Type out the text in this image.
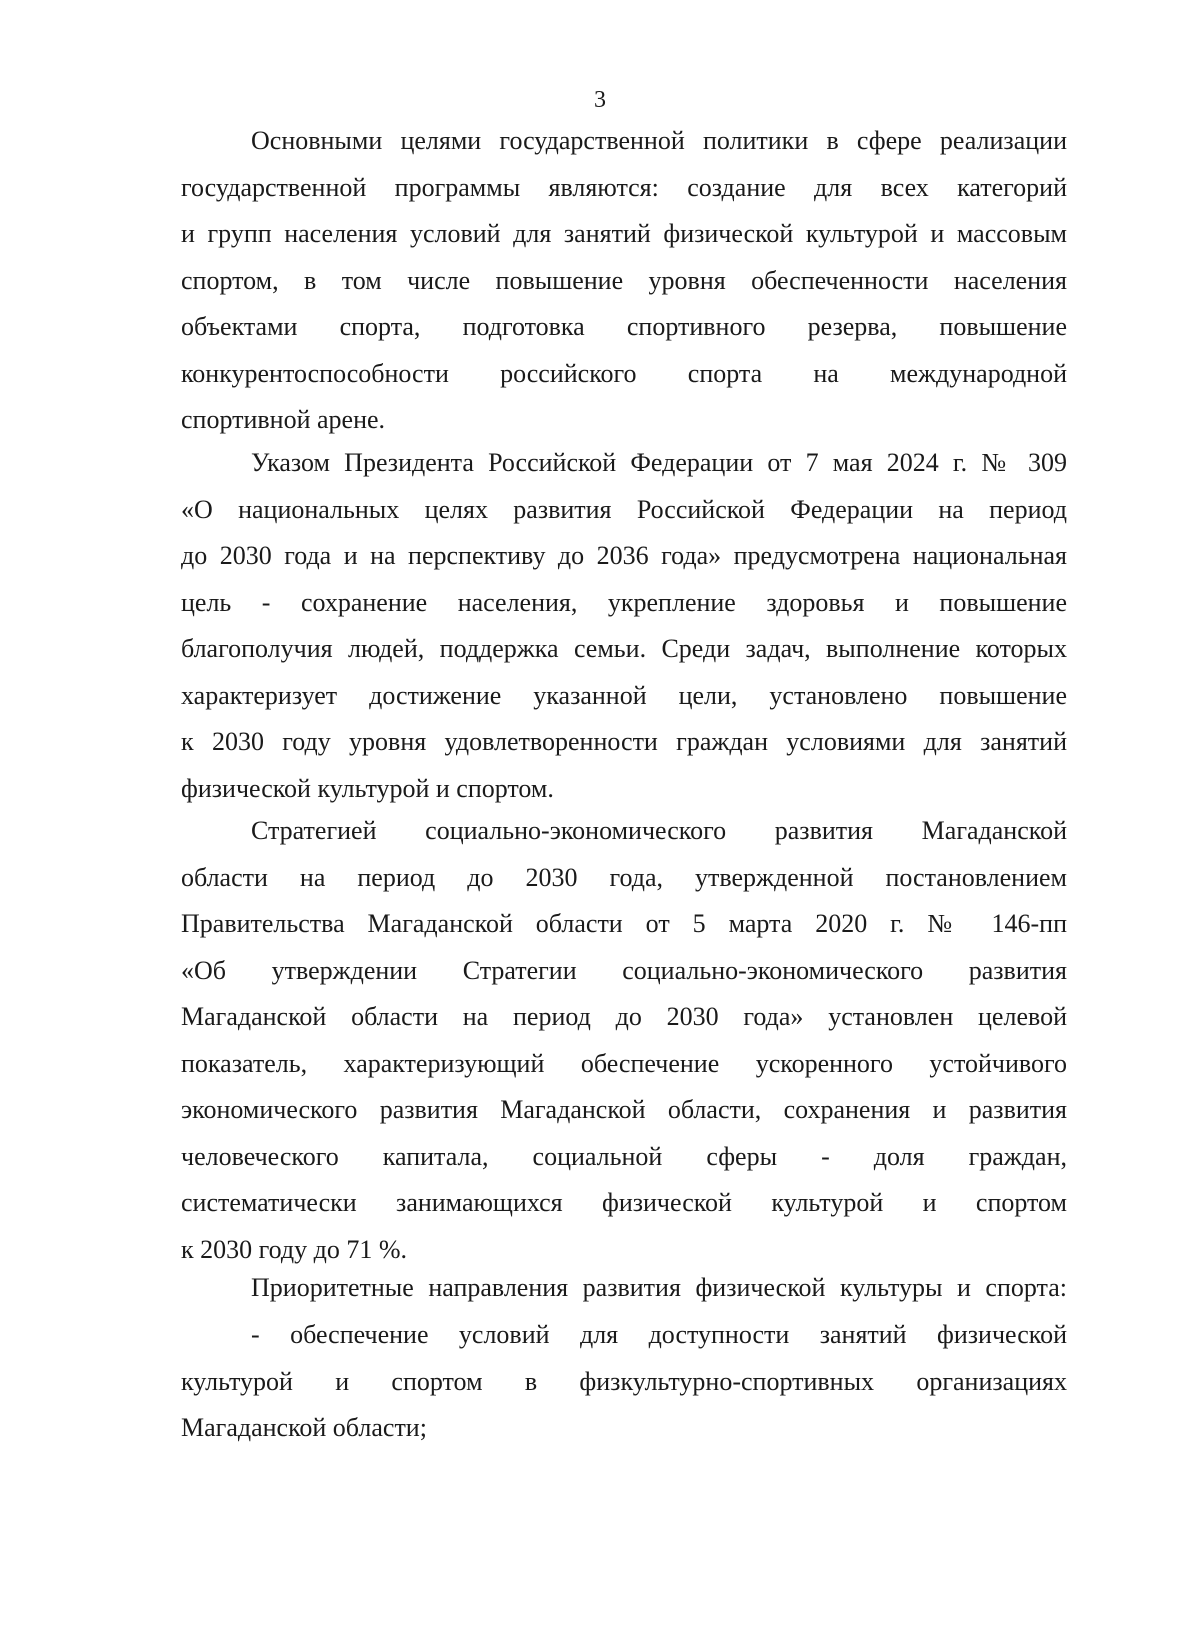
3
Основными целями государственной политики в сфере реализации
государственной программы являются: создание для всех категорий
и групп населения условий для занятий физической культурой и массовым
спортом, в том числе повышение уровня обеспеченности населения
объектами спорта, подготовка спортивного резерва, повышение
конкурентоспособности российского спорта на международной
спортивной арене.
Указом Президента Российской Федерации от 7 мая 2024 г. № 309
«О национальных целях развития Российской Федерации на период
до 2030 года и на перспективу до 2036 года» предусмотрена национальная
цель - сохранение населения, укрепление здоровья и повышение
благополучия людей, поддержка семьи. Среди задач, выполнение которых
характеризует достижение указанной цели, установлено повышение
к 2030 году уровня удовлетворенности граждан условиями для занятий
физической культурой и спортом.
Стратегией социально-экономического развития Магаданской
области на период до 2030 года, утвержденной постановлением
Правительства Магаданской области от 5 марта 2020 г. № 146-пп
«Об утверждении Стратегии социально-экономического развития
Магаданской области на период до 2030 года» установлен целевой
показатель, характеризующий обеспечение ускоренного устойчивого
экономического развития Магаданской области, сохранения и развития
человеческого капитала, социальной сферы - доля граждан,
систематически занимающихся физической культурой и спортом
к 2030 году до 71 %.
Приоритетные направления развития физической культуры и спорта:
- обеспечение условий для доступности занятий физической
культурой и спортом в физкультурно-спортивных организациях
Магаданской области;
